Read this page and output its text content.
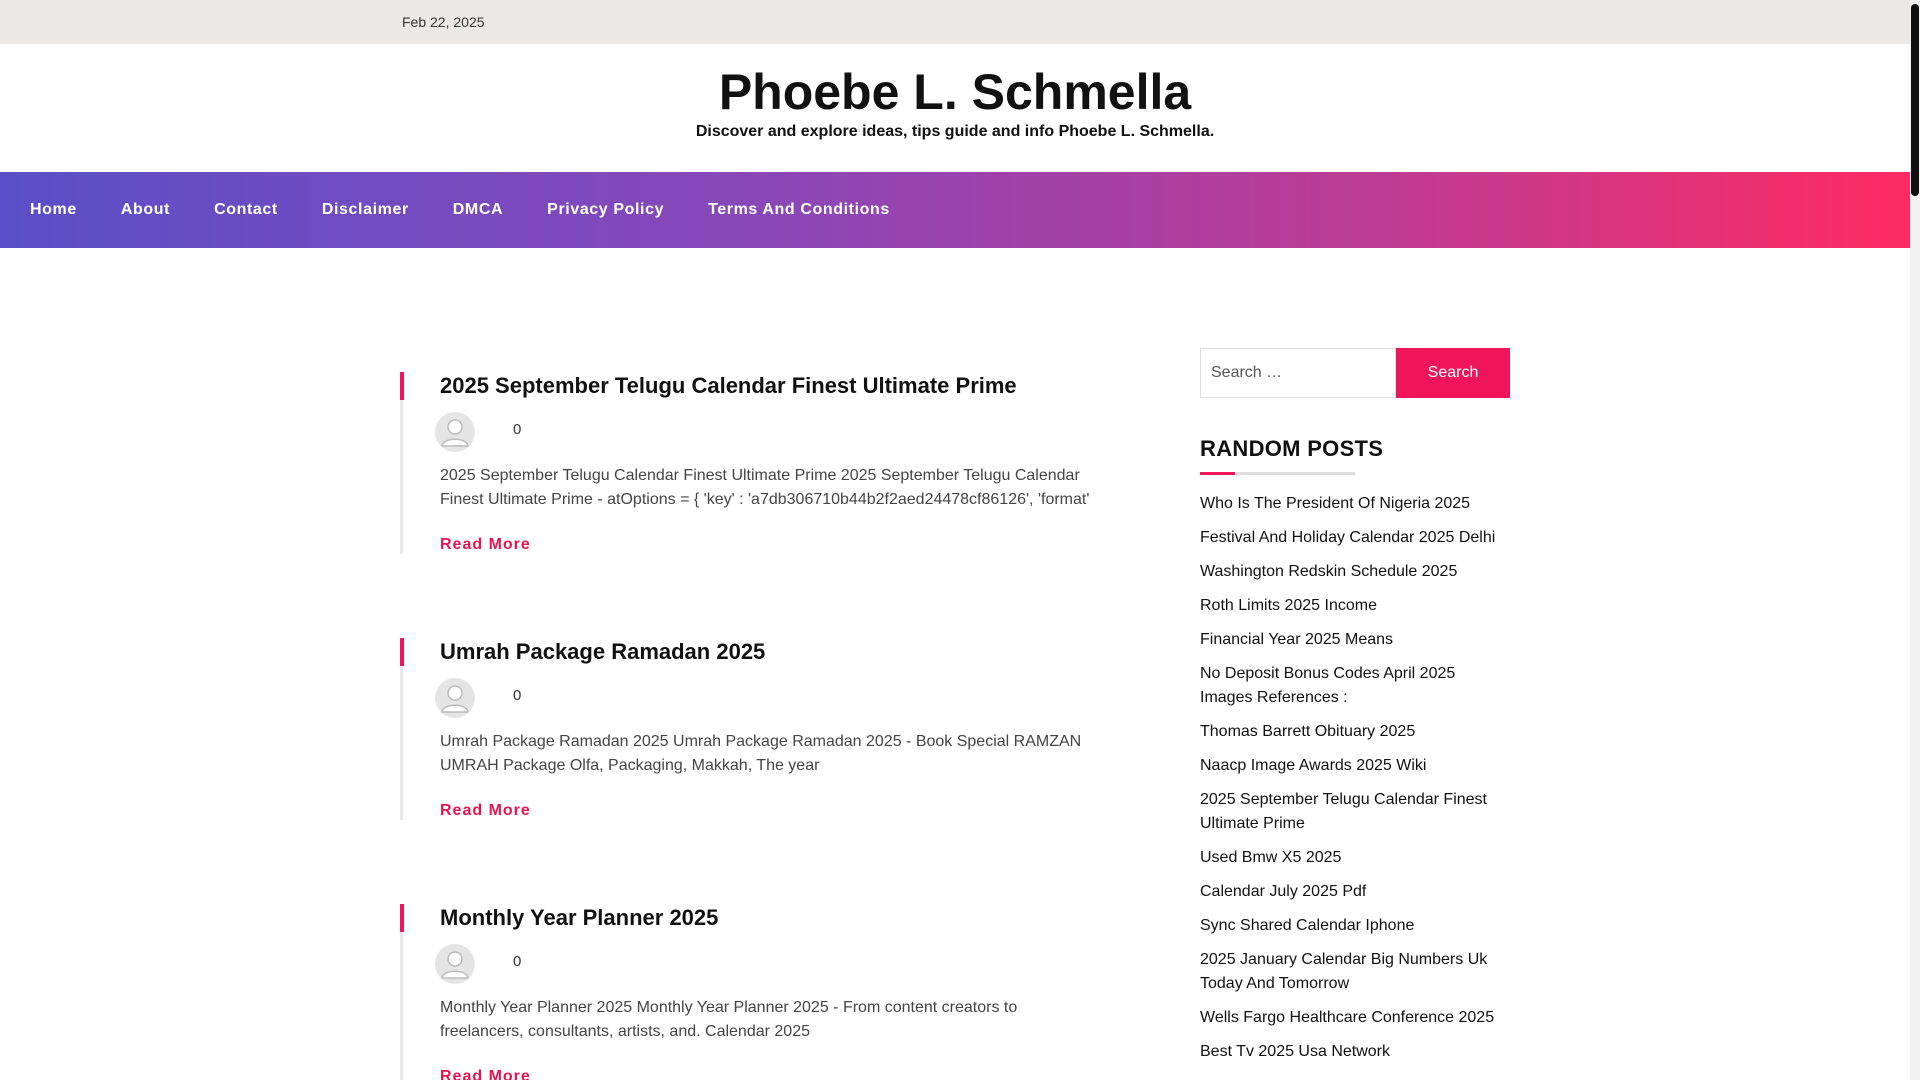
Feb 22, 2025
Phoebe L. Schmella
Discover and explore ideas, tips guide and info Phoebe L. Schmella.
Home	About	Contact	Disclaimer	DMCA	Privacy Policy	Terms And Conditions
2025 September Telugu Calendar Finest Ultimate Prime
0

2025 September Telugu Calendar Finest Ultimate Prime 2025 September Telugu Calendar Finest Ultimate Prime - atOptions = { 'key' : 'a7db306710b44b2f2aed24478cf86126', 'format'

Read More
Umrah Package Ramadan 2025
0

Umrah Package Ramadan 2025 Umrah Package Ramadan 2025 - Book Special RAMZAN UMRAH Package Olfa, Packaging, Makkah, The year

Read More
Monthly Year Planner 2025
0

Monthly Year Planner 2025 Monthly Year Planner 2025 - From content creators to freelancers, consultants, artists, and. Calendar 2025

Read More
Search …
Search
RANDOM POSTS
Who Is The President Of Nigeria 2025
Festival And Holiday Calendar 2025 Delhi
Washington Redskin Schedule 2025
Roth Limits 2025 Income
Financial Year 2025 Means
No Deposit Bonus Codes April 2025 Images References :
Thomas Barrett Obituary 2025
Naacp Image Awards 2025 Wiki
2025 September Telugu Calendar Finest Ultimate Prime
Used Bmw X5 2025
Calendar July 2025 Pdf
Sync Shared Calendar Iphone
2025 January Calendar Big Numbers Uk Today And Tomorrow
Wells Fargo Healthcare Conference 2025
Best Tv 2025 Usa Network
